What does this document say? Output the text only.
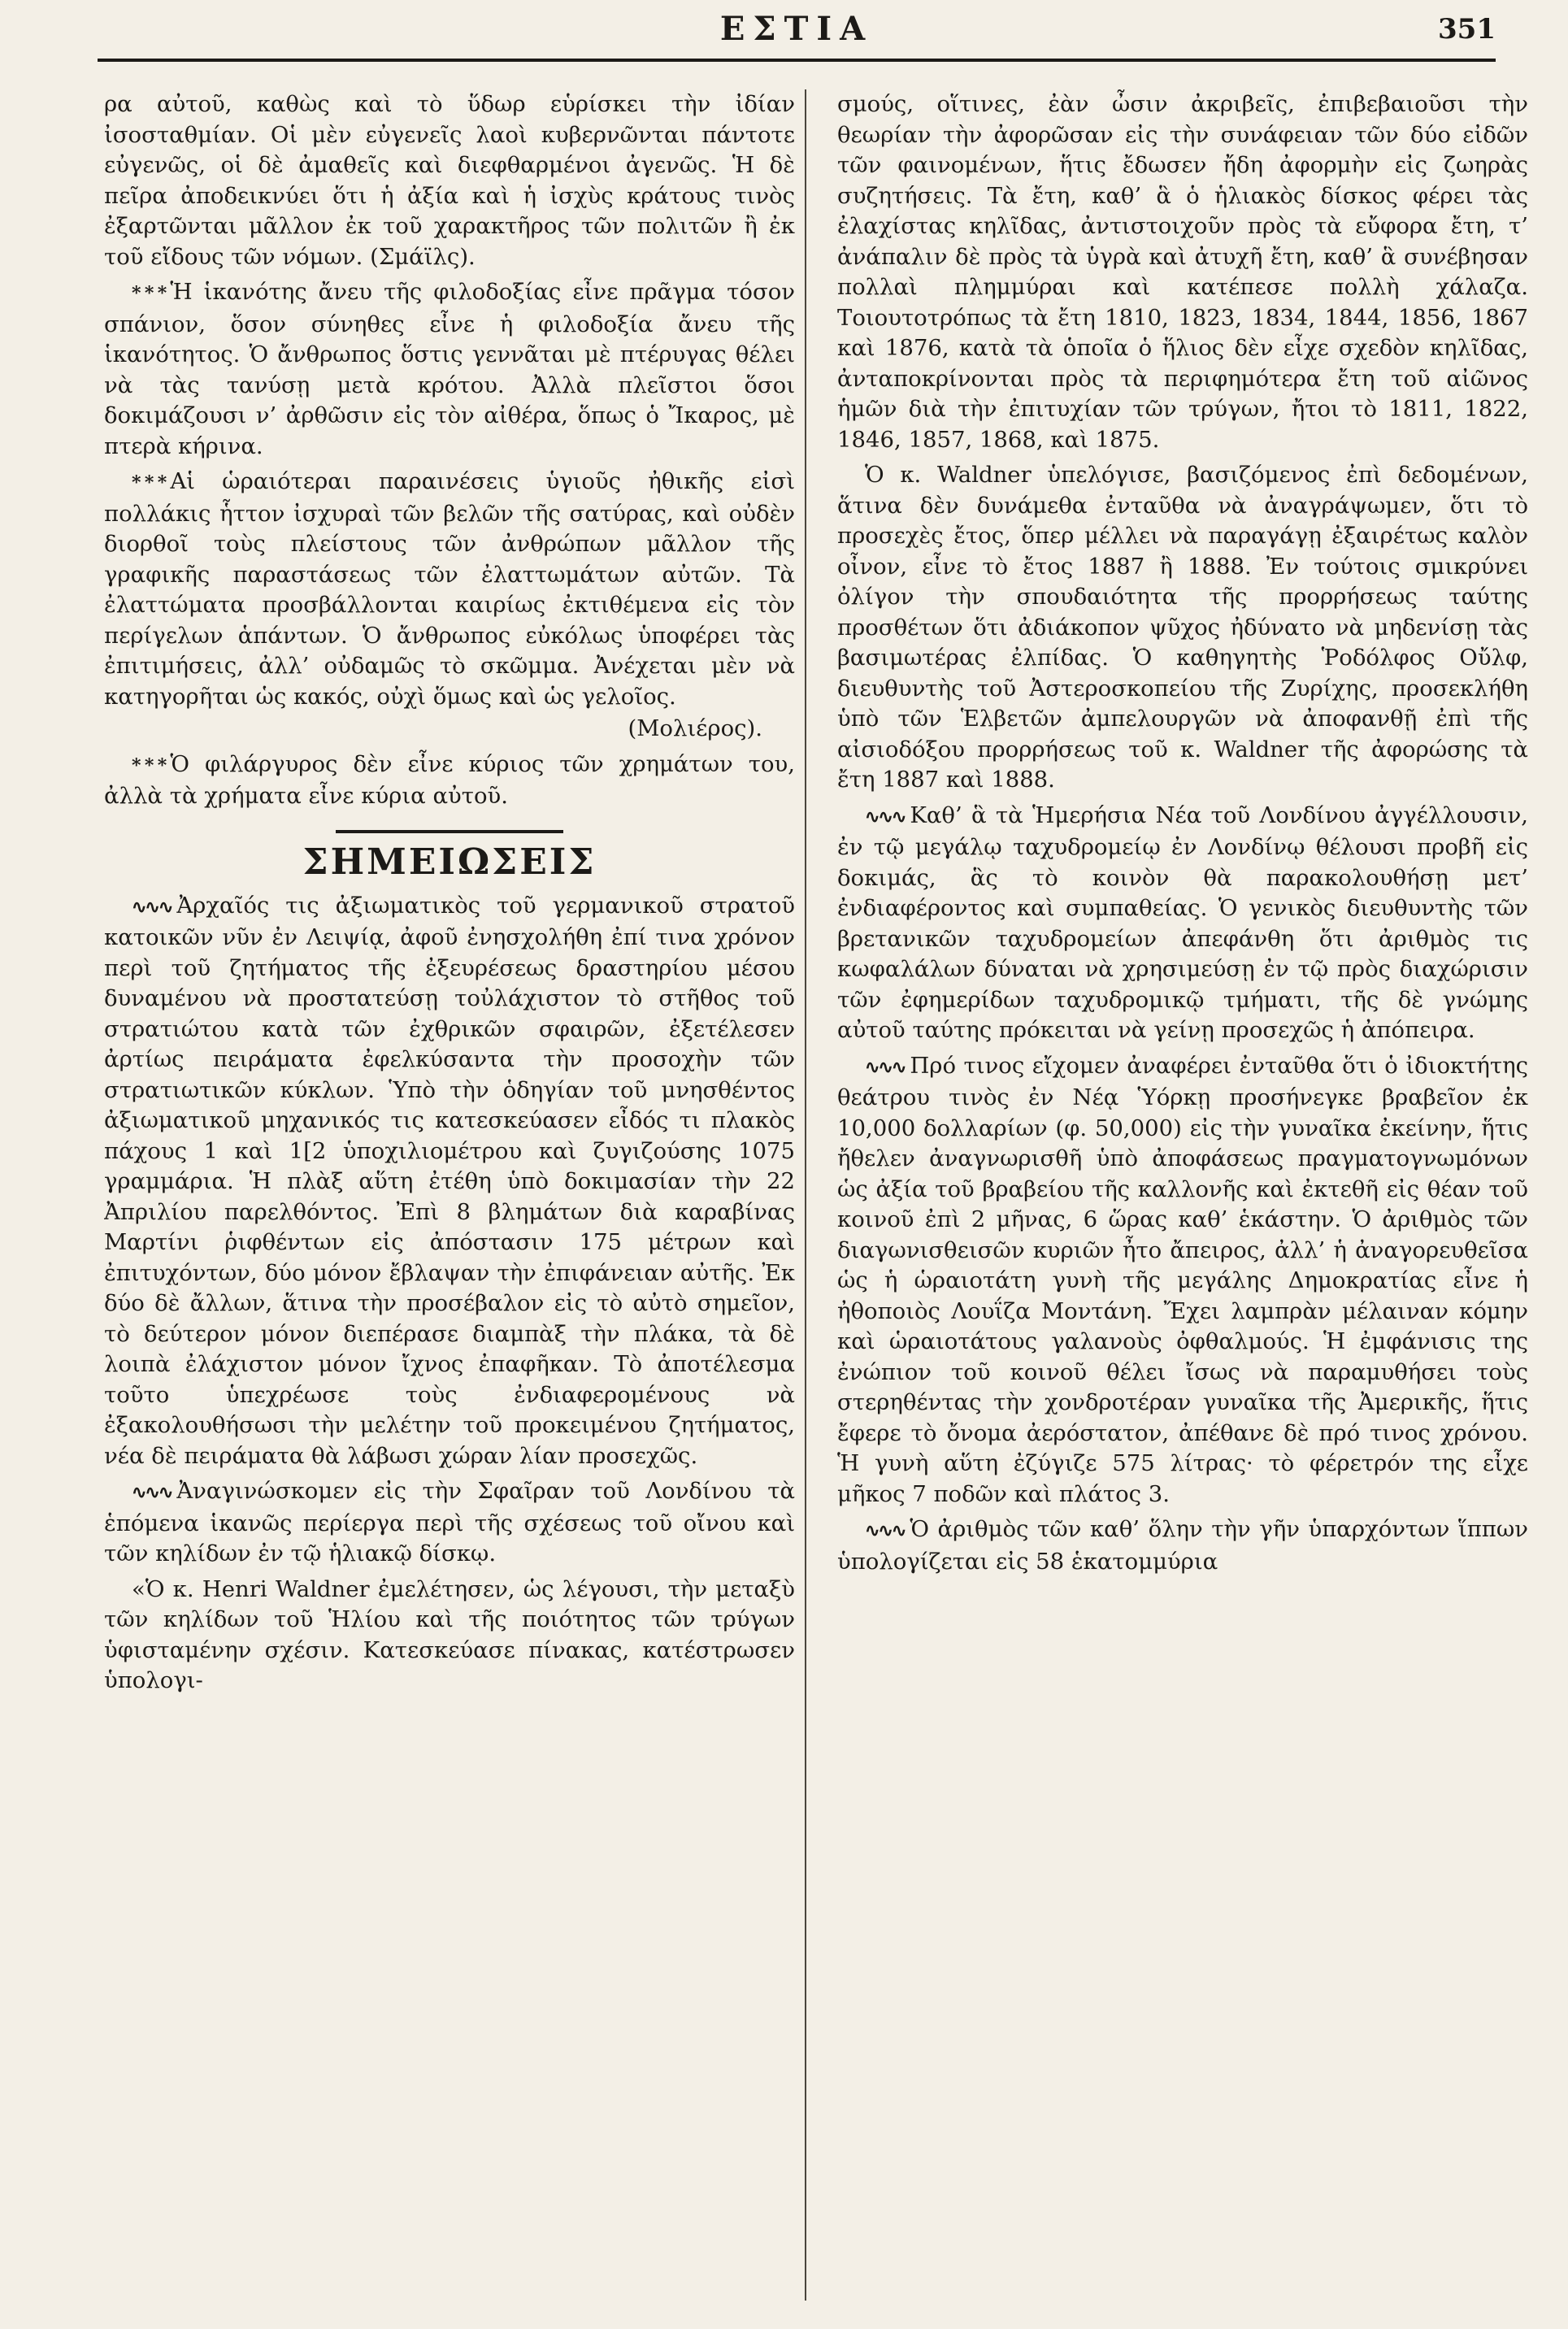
ΕΣΤΙΑ	351

ρα αὐτοῦ, καθὼς καὶ τὸ ὕδωρ εὑρίσκει τὴν ἰδίαν ἰσοσταθμίαν. Οἱ μὲν εὐγενεῖς λαοὶ κυβερνῶνται πάντοτε εὐγενῶς, οἱ δὲ ἀμαθεῖς καὶ διεφθαρμένοι ἀγενῶς. Ἡ δὲ πεῖρα ἀποδεικνύει ὅτι ἡ ἀξία καὶ ἡ ἰσχὺς κράτους τινὸς ἐξαρτῶνται μᾶλλον ἐκ τοῦ χαρακτῆρος τῶν πολιτῶν ἢ ἐκ τοῦ εἴδους τῶν νόμων. (Σμάϊλς).

* * * Ἡ ἱκανότης ἄνευ τῆς φιλοδοξίας εἶνε πρᾶγμα τόσον σπάνιον, ὅσον σύνηθες εἶνε ἡ φιλοδοξία ἄνευ τῆς ἱκανότητος. Ὁ ἄνθρωπος ὅστις γεννᾶται μὲ πτέρυγας θέλει νὰ τὰς τανύσῃ μετὰ κρότου. Ἀλλὰ πλεῖστοι ὅσοι δοκιμάζουσι ν’ ἀρθῶσιν εἰς τὸν αἰθέρα, ὅπως ὁ Ἴκαρος, μὲ πτερὰ κήρινα.

* * * Αἱ ὡραιότεραι παραινέσεις ὑγιοῦς ἠθικῆς εἰσὶ πολλάκις ἧττον ἰσχυραὶ τῶν βελῶν τῆς σατύρας, καὶ οὐδὲν διορθοῖ τοὺς πλείστους τῶν ἀνθρώπων μᾶλλον τῆς γραφικῆς παραστάσεως τῶν ἐλαττωμάτων αὐτῶν. Τὰ ἐλαττώματα προσβάλλονται καιρίως ἐκτιθέμενα εἰς τὸν περίγελων ἁπάντων. Ὁ ἄνθρωπος εὐκόλως ὑποφέρει τὰς ἐπιτιμήσεις, ἀλλ’ οὐδαμῶς τὸ σκῶμμα. Ἀνέχεται μὲν νὰ κατηγορῆται ὡς κακός, οὐχὶ ὅμως καὶ ὡς γελοῖος.

(Μολιέρος).

* * * Ὁ φιλάργυρος δὲν εἶνε κύριος τῶν χρημάτων του, ἀλλὰ τὰ χρήματα εἶνε κύρια αὐτοῦ.

ΣΗΜΕΙΩΣΕΙΣ

∿∿∿ Ἀρχαῖός τις ἀξιωματικὸς τοῦ γερμανικοῦ στρατοῦ κατοικῶν νῦν ἐν Λειψίᾳ, ἀφοῦ ἐνησχολήθη ἐπί τινα χρόνον περὶ τοῦ ζητήματος τῆς ἐξευρέσεως δραστηρίου μέσου δυναμένου νὰ προστατεύσῃ τοὐλάχιστον τὸ στῆθος τοῦ στρατιώτου κατὰ τῶν ἐχθρικῶν σφαιρῶν, ἐξετέλεσεν ἀρτίως πειράματα ἐφελκύσαντα τὴν προσοχὴν τῶν στρατιωτικῶν κύκλων. Ὑπὸ τὴν ὁδηγίαν τοῦ μνησθέντος ἀξιωματικοῦ μηχανικός τις κατεσκεύασεν εἶδός τι πλακὸς πάχους 1 καὶ 1[2 ὑποχιλιομέτρου καὶ ζυγιζούσης 1075 γραμμάρια. Ἡ πλὰξ αὕτη ἐτέθη ὑπὸ δοκιμασίαν τὴν 22 Ἀπριλίου παρελθόντος. Ἐπὶ 8 βλημάτων διὰ καραβίνας Μαρτίνι ῥιφθέντων εἰς ἀπόστασιν 175 μέτρων καὶ ἐπιτυχόντων, δύο μόνον ἔβλαψαν τὴν ἐπιφάνειαν αὐτῆς. Ἐκ δύο δὲ ἄλλων, ἅτινα τὴν προσέβαλον εἰς τὸ αὐτὸ σημεῖον, τὸ δεύτερον μόνον διεπέρασε διαμπὰξ τὴν πλάκα, τὰ δὲ λοιπὰ ἐλάχιστον μόνον ἴχνος ἐπαφῆκαν. Τὸ ἀποτέλεσμα τοῦτο ὑπεχρέωσε τοὺς ἐνδιαφερομένους νὰ ἐξακολουθήσωσι τὴν μελέτην τοῦ προκειμένου ζητήματος, νέα δὲ πειράματα θὰ λάβωσι χώραν λίαν προσεχῶς.

∿∿∿ Ἀναγινώσκομεν εἰς τὴν Σφαῖραν τοῦ Λονδίνου τὰ ἑπόμενα ἱκανῶς περίεργα περὶ τῆς σχέσεως τοῦ οἴνου καὶ τῶν κηλίδων ἐν τῷ ἡλιακῷ δίσκῳ.

«Ὁ κ. Henri Waldner ἐμελέτησεν, ὡς λέγουσι, τὴν μεταξὺ τῶν κηλίδων τοῦ Ἡλίου καὶ τῆς ποιότητος τῶν τρύγων ὑφισταμένην σχέσιν. Κατεσκεύασε πίνακας, κατέστρωσεν ὑπολογι-

σμούς, οἵτινες, ἐὰν ὦσιν ἀκριβεῖς, ἐπιβεβαιοῦσι τὴν θεωρίαν τὴν ἀφορῶσαν εἰς τὴν συνάφειαν τῶν δύο εἰδῶν τῶν φαινομένων, ἥτις ἔδωσεν ἤδη ἀφορμὴν εἰς ζωηρὰς συζητήσεις. Τὰ ἔτη, καθ’ ἃ ὁ ἡλιακὸς δίσκος φέρει τὰς ἐλαχίστας κηλῖδας, ἀντιστοιχοῦν πρὸς τὰ εὔφορα ἔτη, τ’ ἀνάπαλιν δὲ πρὸς τὰ ὑγρὰ καὶ ἀτυχῆ ἔτη, καθ’ ἃ συνέβησαν πολλαὶ πλημμύραι καὶ κατέπεσε πολλὴ χάλαζα. Τοιουτοτρόπως τὰ ἔτη 1810, 1823, 1834, 1844, 1856, 1867 καὶ 1876, κατὰ τὰ ὁποῖα ὁ ἥλιος δὲν εἶχε σχεδὸν κηλῖδας, ἀνταποκρίνονται πρὸς τὰ περιφημότερα ἔτη τοῦ αἰῶνος ἡμῶν διὰ τὴν ἐπιτυχίαν τῶν τρύγων, ἤτοι τὸ 1811, 1822, 1846, 1857, 1868, καὶ 1875.

Ὁ κ. Waldner ὑπελόγισε, βασιζόμενος ἐπὶ δεδομένων, ἅτινα δὲν δυνάμεθα ἐνταῦθα νὰ ἀναγράψωμεν, ὅτι τὸ προσεχὲς ἔτος, ὅπερ μέλλει νὰ παραγάγῃ ἐξαιρέτως καλὸν οἶνον, εἶνε τὸ ἔτος 1887 ἢ 1888. Ἐν τούτοις σμικρύνει ὀλίγον τὴν σπουδαιότητα τῆς προρρήσεως ταύτης προσθέτων ὅτι ἀδιάκοπον ψῦχος ἠδύνατο νὰ μηδενίσῃ τὰς βασιμωτέρας ἐλπίδας. Ὁ καθηγητὴς Ῥοδόλφος Οὔλφ, διευθυντὴς τοῦ Ἀστεροσκοπείου τῆς Ζυρίχης, προσεκλήθη ὑπὸ τῶν Ἑλβετῶν ἀμπελουργῶν νὰ ἀποφανθῇ ἐπὶ τῆς αἰσιοδόξου προρρήσεως τοῦ κ. Waldner τῆς ἀφορώσης τὰ ἔτη 1887 καὶ 1888.

∿∿∿ Καθ’ ἃ τὰ Ἡμερήσια Νέα τοῦ Λονδίνου ἀγγέλλουσιν, ἐν τῷ μεγάλῳ ταχυδρομείῳ ἐν Λονδίνῳ θέλουσι προβῆ εἰς δοκιμάς, ἃς τὸ κοινὸν θὰ παρακολουθήσῃ μετ’ ἐνδιαφέροντος καὶ συμπαθείας. Ὁ γενικὸς διευθυντὴς τῶν βρετανικῶν ταχυδρομείων ἀπεφάνθη ὅτι ἀριθμὸς τις κωφαλάλων δύναται νὰ χρησιμεύσῃ ἐν τῷ πρὸς διαχώρισιν τῶν ἐφημερίδων ταχυδρομικῷ τμήματι, τῆς δὲ γνώμης αὐτοῦ ταύτης πρόκειται νὰ γείνῃ προσεχῶς ἡ ἀπόπειρα.

∿∿∿ Πρό τινος εἴχομεν ἀναφέρει ἐνταῦθα ὅτι ὁ ἰδιοκτήτης θεάτρου τινὸς ἐν Νέᾳ Ὑόρκῃ προσήνεγκε βραβεῖον ἐκ 10,000 δολλαρίων (φ. 50,000) εἰς τὴν γυναῖκα ἐκείνην, ἥτις ἤθελεν ἀναγνωρισθῆ ὑπὸ ἀποφάσεως πραγματογνωμόνων ὡς ἀξία τοῦ βραβείου τῆς καλλονῆς καὶ ἐκτεθῆ εἰς θέαν τοῦ κοινοῦ ἐπὶ 2 μῆνας, 6 ὥρας καθ’ ἑκάστην. Ὁ ἀριθμὸς τῶν διαγωνισθεισῶν κυριῶν ἦτο ἄπειρος, ἀλλ’ ἡ ἀναγορευθεῖσα ὡς ἡ ὡραιοτάτη γυνὴ τῆς μεγάλης Δημοκρατίας εἶνε ἡ ἠθοποιὸς Λουΐζα Μοντάνη. Ἔχει λαμπρὰν μέλαιναν κόμην καὶ ὡραιοτάτους γαλανοὺς ὀφθαλμούς. Ἡ ἐμφάνισις της ἐνώπιον τοῦ κοινοῦ θέλει ἴσως νὰ παραμυθήσει τοὺς στερηθέντας τὴν χονδροτέραν γυναῖκα τῆς Ἀμερικῆς, ἥτις ἔφερε τὸ ὄνομα ἀερόστατον, ἀπέθανε δὲ πρό τινος χρόνου. Ἡ γυνὴ αὕτη ἐζύγιζε 575 λίτρας· τὸ φέρετρόν της εἶχε μῆκος 7 ποδῶν καὶ πλάτος 3.

∿∿∿ Ὁ ἀριθμὸς τῶν καθ’ ὅλην τὴν γῆν ὑπαρχόντων ἵππων ὑπολογίζεται εἰς 58 ἑκατομμύρια
